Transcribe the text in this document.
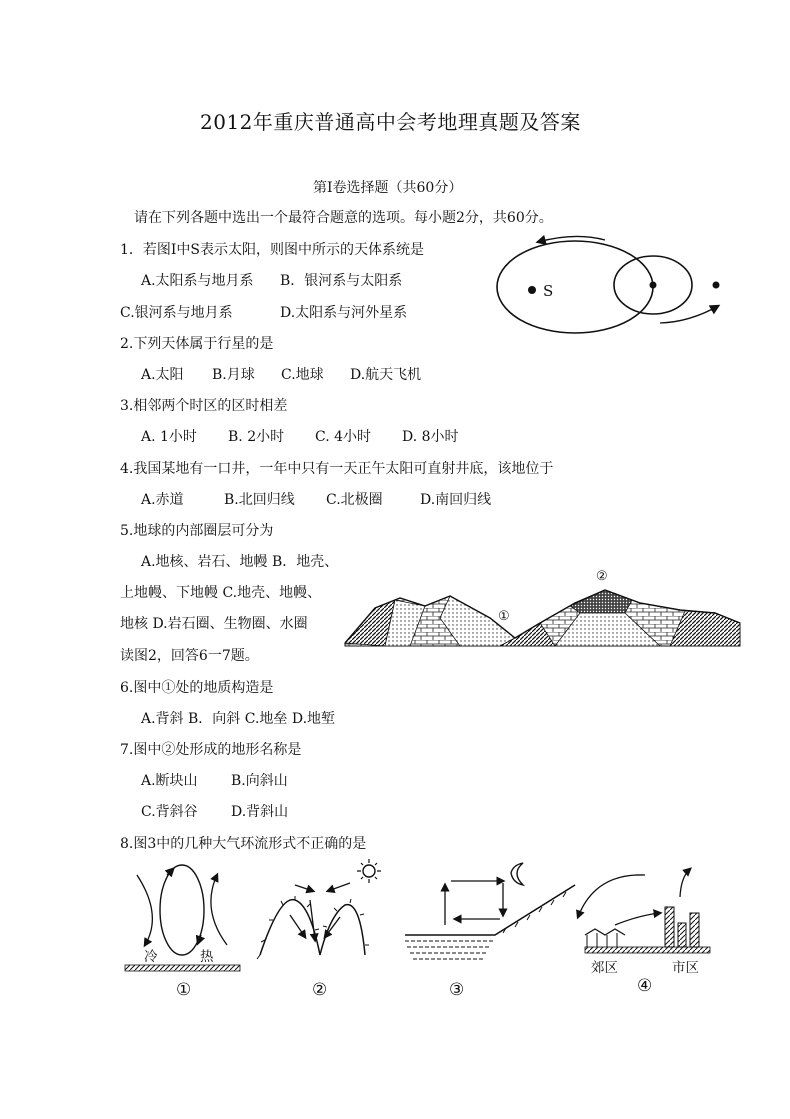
2012年重庆普通高中会考地理真题及答案
第Ⅰ卷选择题（共60分）
请在下列各题中选出一个最符合题意的选项。每小题2分，共60分。
1．若图Ⅰ中S表示太阳，则图中所示的天体系统是
A.太阳系与地月系 B．银河系与太阳系
C.银河系与地月系	D.太阳系与河外星系
S
2.下列天体属于行星的是
A.太阳 B.月球 C.地球 D.航天飞机
3.相邻两个时区的区时相差
A. 1小时 B. 2小时 C. 4小时 D. 8小时
4.我国某地有一口井，一年中只有一天正午太阳可直射井底，该地位于
A.赤道	B.北回归线 C.北极圈	D.南回归线
5.地球的内部圈层可分为
A.地核、岩石、地幔 B．地壳、
上地幔、下地幔 C.地壳、地幔、
地核 D.岩石圈、生物圈、水圈
读图2，回答6一7题。
①
②
6.图中①处的地质构造是
A.背斜 B．向斜 C.地垒 D.地堑
7.图中②处形成的地形名称是
A.断块山 B.向斜山
C.背斜谷 D.背斜山
8.图3中的几种大气环流形式不正确的是
冷	热
郊区	市区
①	②	③	④
